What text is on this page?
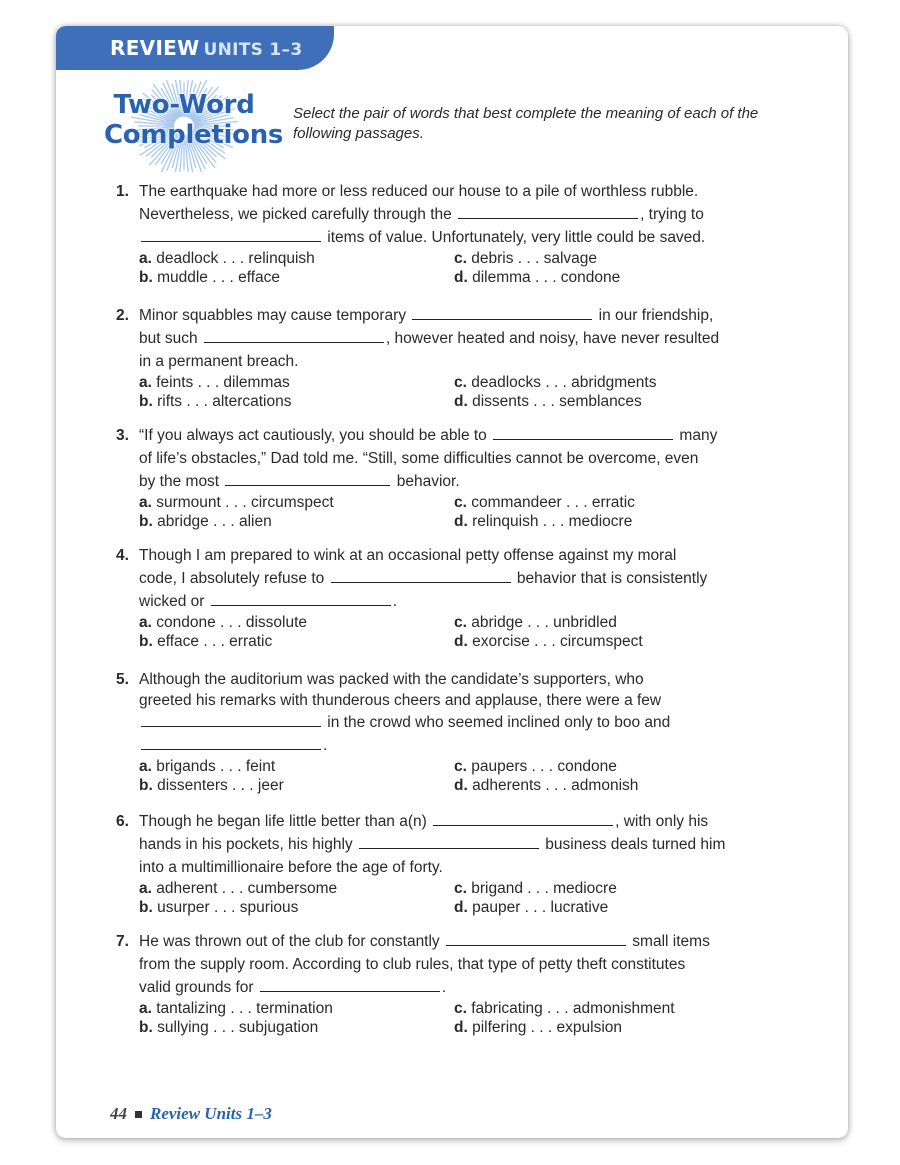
REVIEW UNITS 1–3
Two-Word
Completions
Select the pair of words that best complete the meaning of each of the following passages.
1. The earthquake had more or less reduced our house to a pile of worthless rubble.
Nevertheless, we picked carefully through the	, trying to
items of value. Unfortunately, very little could be saved.
a. deadlock . . . relinquish
b. muddle . . . efface
c. debris . . . salvage
d. dilemma . . . condone
2. Minor squabbles may cause temporary	in our friendship,
but such	, however heated and noisy, have never resulted
in a permanent breach.
a. feints . . . dilemmas
b. rifts . . . altercations
c. deadlocks . . . abridgments
d. dissents . . . semblances
3. “If you always act cautiously, you should be able to	many
of life’s obstacles,” Dad told me. “Still, some difficulties cannot be overcome, even
by the most	behavior.
a. surmount . . . circumspect
b. abridge . . . alien
c. commandeer . . . erratic
d. relinquish . . . mediocre
4. Though I am prepared to wink at an occasional petty offense against my moral
code, I absolutely refuse to	behavior that is consistently
wicked or	.
a. condone . . . dissolute
b. efface . . . erratic
c. abridge . . . unbridled
d. exorcise . . . circumspect
5. Although the auditorium was packed with the candidate’s supporters, who
greeted his remarks with thunderous cheers and applause, there were a few
in the crowd who seemed inclined only to boo and
.
a. brigands . . . feint
b. dissenters . . . jeer
c. paupers . . . condone
d. adherents . . . admonish
6. Though he began life little better than a(n)	, with only his
hands in his pockets, his highly	business deals turned him
into a multimillionaire before the age of forty.
a. adherent . . . cumbersome
b. usurper . . . spurious
c. brigand . . . mediocre
d. pauper . . . lucrative
7. He was thrown out of the club for constantly	small items
from the supply room. According to club rules, that type of petty theft constitutes
valid grounds for	.
a. tantalizing . . . termination
b. sullying . . . subjugation
c. fabricating . . . admonishment
d. pilfering . . . expulsion
44 Review Units 1–3
